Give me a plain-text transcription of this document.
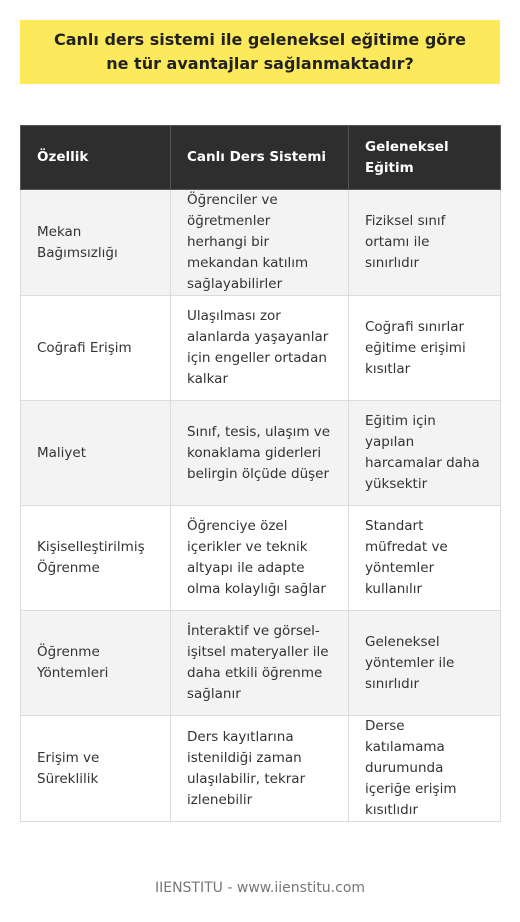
Canlı ders sistemi ile geleneksel eğitime göre ne tür avantajlar sağlanmaktadır?
Özellik	Canlı Ders Sistemi	Geleneksel Eğitim
Mekan Bağımsızlığı	Öğrenciler ve öğretmenler herhangi bir mekandan katılım sağlayabilirler	Fiziksel sınıf ortamı ile sınırlıdır
Coğrafi Erişim	Ulaşılması zor alanlarda yaşayanlar için engeller ortadan kalkar	Coğrafi sınırlar eğitime erişimi kısıtlar
Maliyet	Sınıf, tesis, ulaşım ve konaklama giderleri belirgin ölçüde düşer	Eğitim için yapılan harcamalar daha yüksektir
Kişiselleştirilmiş Öğrenme	Öğrenciye özel içerikler ve teknik altyapı ile adapte olma kolaylığı sağlar	Standart müfredat ve yöntemler kullanılır
Öğrenme Yöntemleri	İnteraktif ve görsel-işitsel materyaller ile daha etkili öğrenme sağlanır	Geleneksel yöntemler ile sınırlıdır
Erişim ve Süreklilik	Ders kayıtlarına istenildiği zaman ulaşılabilir, tekrar izlenebilir	Derse katılamama durumunda içeriğe erişim kısıtlıdır
IIENSTITU - www.iienstitu.com
